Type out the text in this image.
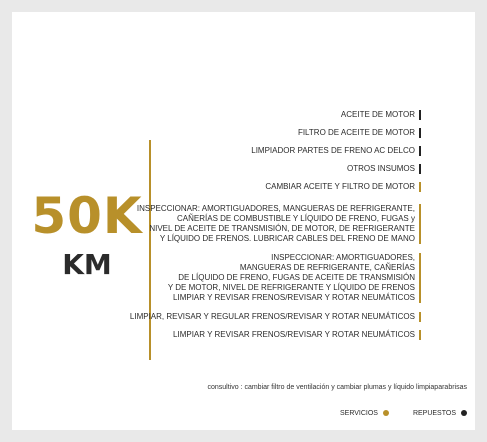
50K
KM
ACEITE DE MOTOR
FILTRO DE ACEITE DE MOTOR
LIMPIADOR PARTES DE FRENO AC DELCO
OTROS INSUMOS
CAMBIAR ACEITE Y FILTRO DE MOTOR
INSPECCIONAR: AMORTIGUADORES, MANGUERAS DE REFRIGERANTE,
CAÑERÍAS DE COMBUSTIBLE Y LÍQUIDO DE FRENO, FUGAS y
NIVEL DE ACEITE DE TRANSMISIÓN, DE MOTOR, DE REFRIGERANTE
Y LÍQUIDO DE FRENOS. LUBRICAR CABLES DEL FRENO DE MANO
INSPECCIONAR: AMORTIGUADORES,
MANGUERAS DE REFRIGERANTE, CAÑERÍAS
DE LÍQUIDO DE FRENO, FUGAS DE ACEITE DE TRANSMISIÓN
Y DE MOTOR, NIVEL DE REFRIGERANTE Y LÍQUIDO DE FRENOS
LIMPIAR Y REVISAR FRENOS/REVISAR Y ROTAR NEUMÁTICOS
LIMPIAR, REVISAR Y REGULAR FRENOS/REVISAR Y ROTAR NEUMÁTICOS
LIMPIAR Y REVISAR FRENOS/REVISAR Y ROTAR NEUMÁTICOS
consultivo : cambiar filtro de ventilación y cambiar plumas y líquido limpiaparabrisas
SERVICIOS	REPUESTOS
